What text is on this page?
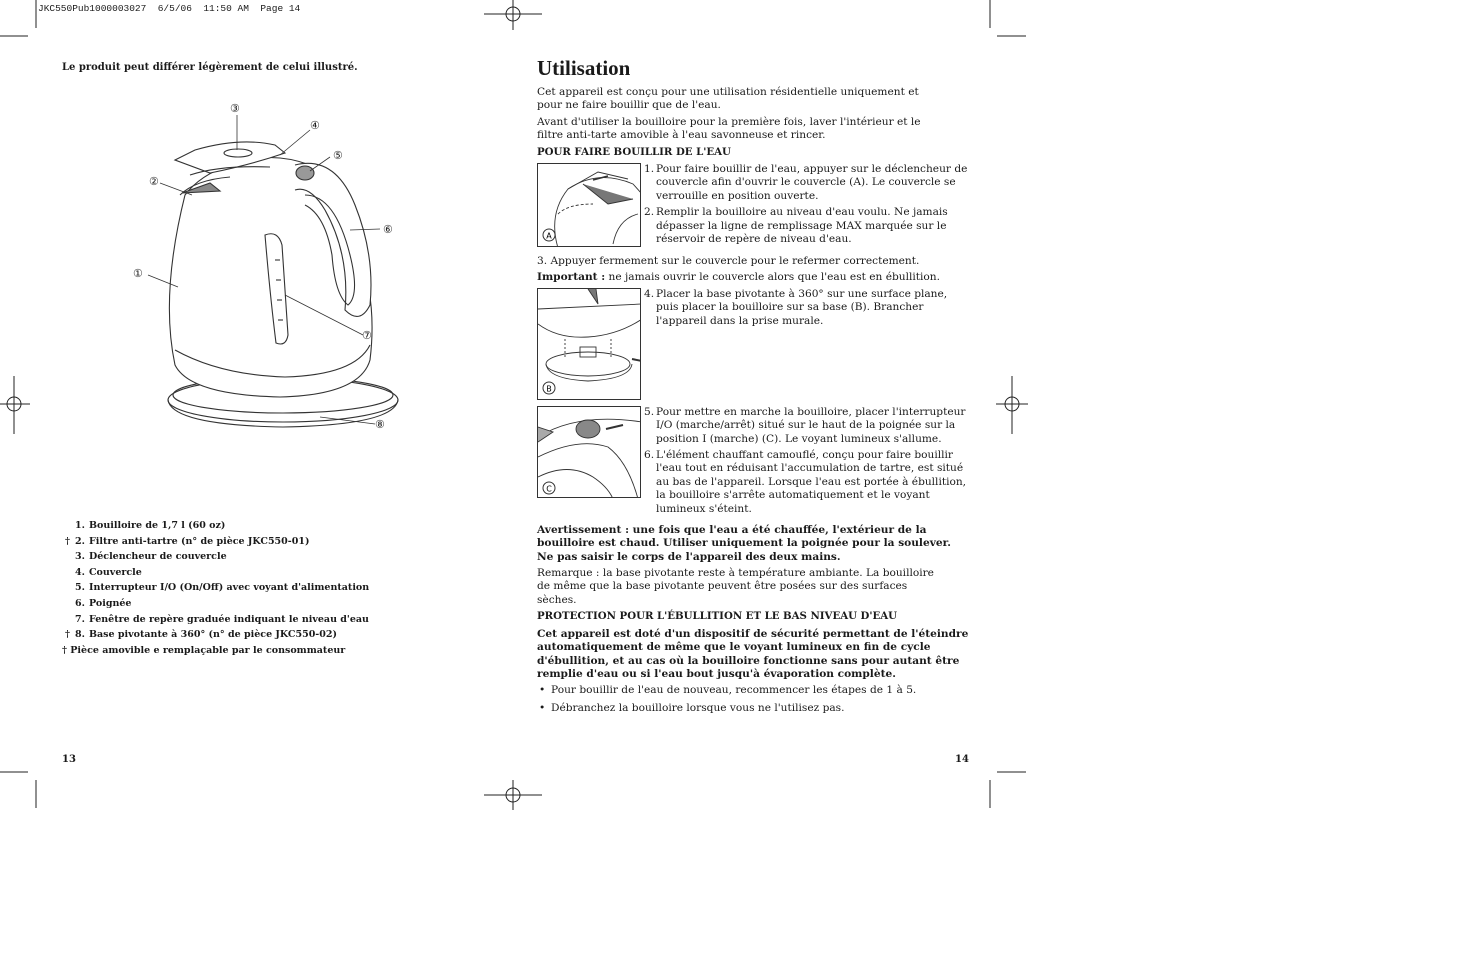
JKC550Pub1000003027  6/5/06  11:50 AM  Page 14
Le produit peut différer légèrement de celui illustré.
③
④
⑤
②
⑥
①
⑦
⑧
1. Bouilloire de 1,7 l (60 oz)
† 2. Filtre anti-tartre (n° de pièce JKC550-01)
3. Déclencheur de couvercle
4. Couvercle
5. Interrupteur I/O (On/Off) avec voyant d'alimentation
6. Poignée
7. Fenêtre de repère graduée indiquant le niveau d'eau
† 8. Base pivotante à 360° (n° de pièce JKC550-02)
† Pièce amovible e remplaçable par le consommateur
13
Utilisation

Cet appareil est conçu pour une utilisation résidentielle uniquement et pour ne faire bouillir que de l'eau.

Avant d'utiliser la bouilloire pour la première fois, laver l'intérieur et le filtre anti-tarte amovible à l'eau savonneuse et rincer.

POUR FAIRE BOUILLIR DE L'EAU
A
1. Pour faire bouillir de l'eau, appuyer sur le déclencheur de couvercle afin d'ouvrir le couvercle (A). Le couvercle se verrouille en position ouverte.
2. Remplir la bouilloire au niveau d'eau voulu. Ne jamais dépasser la ligne de remplissage MAX marquée sur le réservoir de repère de niveau d'eau.

3. Appuyer fermement sur le couvercle pour le refermer correctement.

Important : ne jamais ouvrir le couvercle alors que l'eau est en ébullition.

B
4. Placer la base pivotante à 360° sur une surface plane, puis placer la bouilloire sur sa base (B). Brancher l'appareil dans la prise murale.
C
5. Pour mettre en marche la bouilloire, placer l'interrupteur I/O (marche/arrêt) situé sur le haut de la poignée sur la position I (marche) (C). Le voyant lumineux s'allume.
6. L'élément chauffant camouflé, conçu pour faire bouillir l'eau tout en réduisant l'accumulation de tartre, est situé au bas de l'appareil. Lorsque l'eau est portée à ébullition, la bouilloire s'arrête automatiquement et le voyant lumineux s'éteint.

Avertissement : une fois que l'eau a été chauffée, l'extérieur de la bouilloire est chaud. Utiliser uniquement la poignée pour la soulever. Ne pas saisir le corps de l'appareil des deux mains.

Remarque : la base pivotante reste à température ambiante. La bouilloire de même que la base pivotante peuvent être posées sur des surfaces sèches.

PROTECTION POUR L'ÉBULLITION ET LE BAS NIVEAU D'EAU

Cet appareil est doté d'un dispositif de sécurité permettant de l'éteindre automatiquement de même que le voyant lumineux en fin de cycle d'ébullition, et au cas où la bouilloire fonctionne sans pour autant être remplie d'eau ou si l'eau bout jusqu'à évaporation complète.

• Pour bouillir de l'eau de nouveau, recommencer les étapes de 1 à 5.
• Débranchez la bouilloire lorsque vous ne l'utilisez pas.
14
